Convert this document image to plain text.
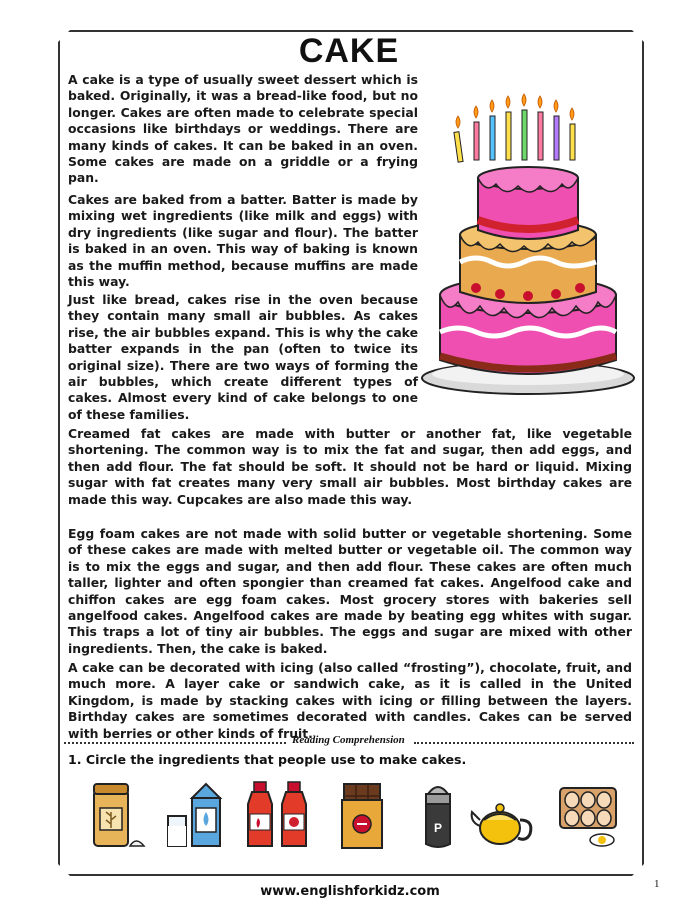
CAKE

A cake is a type of usually sweet dessert which is baked. Originally, it was a bread-like food, but no longer. Cakes are often made to celebrate special occasions like birthdays or weddings. There are many kinds of cakes. It can be baked in an oven. Some cakes are made on a griddle or a frying pan.

Cakes are baked from a batter. Batter is made by mixing wet ingredients (like milk and eggs) with dry ingredients (like sugar and flour). The batter is baked in an oven. This way of baking is known as the muffin method, because muffins are made this way.

Just like bread, cakes rise in the oven because they contain many small air bubbles. As cakes rise, the air bubbles expand. This is why the cake batter expands in the pan (often to twice its original size). There are two ways of forming the air bubbles, which create different types of cakes. Almost every kind of cake belongs to one of these families.

Creamed fat cakes are made with butter or another fat, like vegetable shortening. The common way is to mix the fat and sugar, then add eggs, and then add flour. The fat should be soft. It should not be hard or liquid. Mixing sugar with fat creates many very small air bubbles. Most birthday cakes are made this way. Cupcakes are also made this way.

Egg foam cakes are not made with solid butter or vegetable shortening. Some of these cakes are made with melted butter or vegetable oil. The common way is to mix the eggs and sugar, and then add flour. These cakes are often much taller, lighter and often spongier than creamed fat cakes. Angelfood cake and chiffon cakes are egg foam cakes. Most grocery stores with bakeries sell angelfood cakes. Angelfood cakes are made by beating egg whites with sugar. This traps a lot of tiny air bubbles. The eggs and sugar are mixed with other ingredients. Then, the cake is baked.

A cake can be decorated with icing (also called “frosting”), chocolate, fruit, and much more. A layer cake or sandwich cake, as it is called in the United Kingdom, is made by stacking cakes with icing or filling between the layers. Birthday cakes are sometimes decorated with candles. Cakes can be served with berries or other kinds of fruit.

Reading Comprehension
1. Circle the ingredients that people use to make cakes.
P
1
www.englishforkidz.com
